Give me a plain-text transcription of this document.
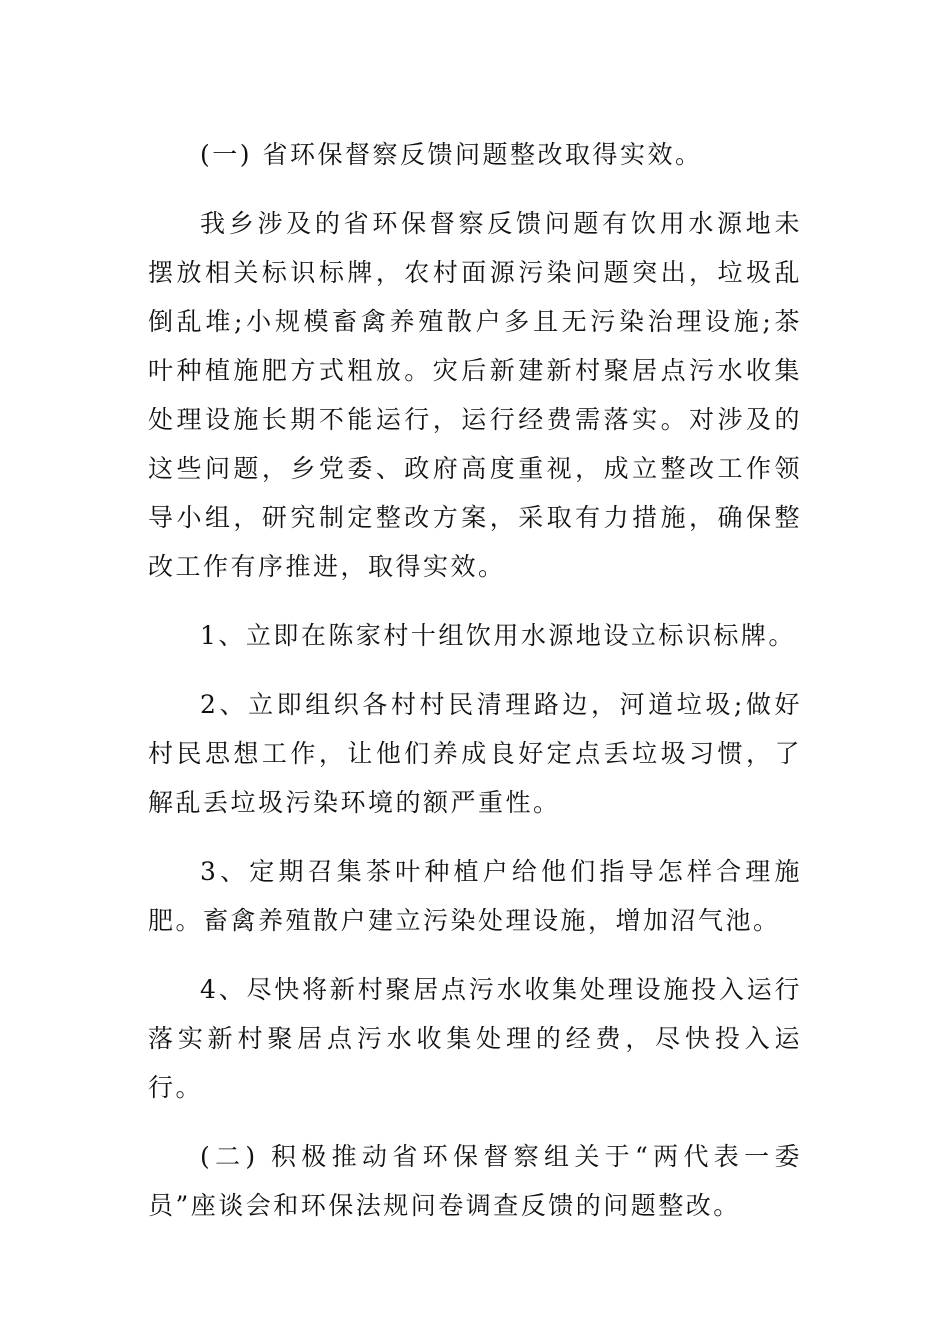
(一) 省环保督察反馈问题整改取得实效。

我乡涉及的省环保督察反馈问题有饮用水源地未摆放相关标识标牌，农村面源污染问题突出，垃圾乱倒乱堆;小规模畜禽养殖散户多且无污染治理设施;茶叶种植施肥方式粗放。灾后新建新村聚居点污水收集处理设施长期不能运行，运行经费需落实。对涉及的这些问题，乡党委、政府高度重视，成立整改工作领导小组，研究制定整改方案，采取有力措施，确保整改工作有序推进，取得实效。

1、立即在陈家村十组饮用水源地设立标识标牌。

2、立即组织各村村民清理路边，河道垃圾;做好村民思想工作，让他们养成良好定点丢垃圾习惯，了解乱丢垃圾污染环境的额严重性。

3、定期召集茶叶种植户给他们指导怎样合理施肥。畜禽养殖散户建立污染处理设施，增加沼气池。

4、尽快将新村聚居点污水收集处理设施投入运行落实新村聚居点污水收集处理的经费，尽快投入运行。

(二) 积极推动省环保督察组关于“两代表一委员”座谈会和环保法规问卷调查反馈的问题整改。
